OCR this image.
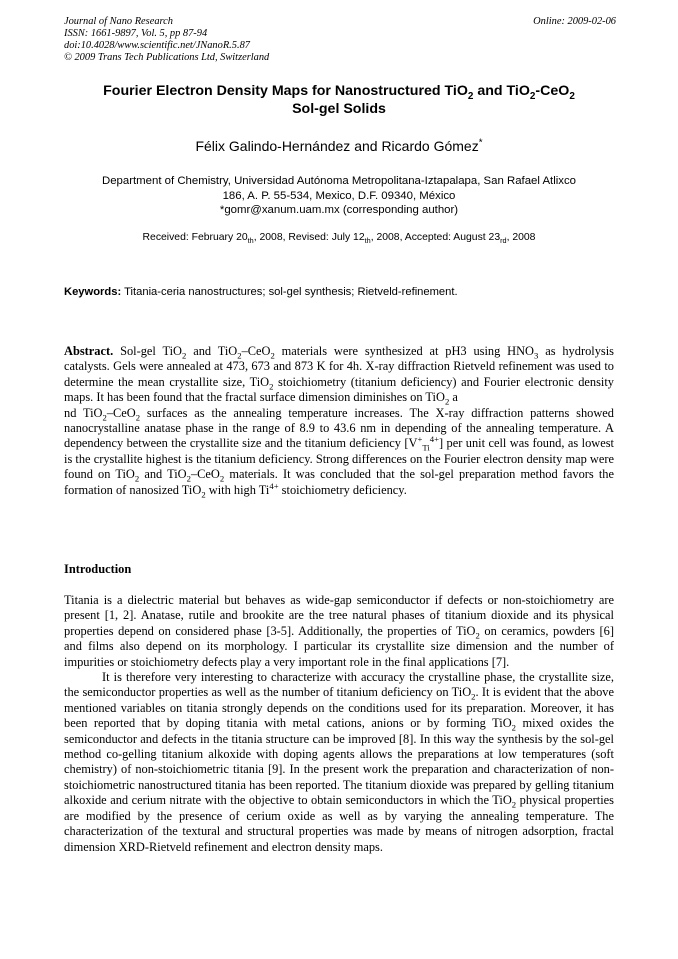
Journal of Nano Research
ISSN: 1661-9897, Vol. 5, pp 87-94
doi:10.4028/www.scientific.net/JNanoR.5.87
© 2009 Trans Tech Publications Ltd, Switzerland
Online: 2009-02-06
Fourier Electron Density Maps for Nanostructured TiO$_2$ and TiO$_2$-CeO$_2$
Sol-gel Solids
Félix Galindo-Hernández and Ricardo Gómez*
Department of Chemistry, Universidad Autónoma Metropolitana-Iztapalapa, San Rafael Atlixco
186, A. P. 55-534, Mexico, D.F. 09340, México
*gomr@xanum.uam.mx (corresponding author)
Received: February $20_{th}$, 2008, Revised: July $12_{th}$, 2008, Accepted: August $23_{rd}$, 2008
Keywords: Titania-ceria nanostructures; sol-gel synthesis; Rietveld-refinement.

Abstract. Sol-gel TiO$_2$ and TiO$_2$–CeO$_2$ materials were synthesized at pH3 using $HNO_3$ as hydrolysis catalysts. Gels were annealed at 473, 673 and 873 K for 4h. X-ray diffraction Rietveld refinement was used to determine the mean crystallite size, TiO$_2$ stoichiometry (titanium deficiency) and Fourier electronic density maps. It has been found that the fractal surface dimension diminishes on TiO$_2$ a

nd TiO$_2$–CeO$_2$ surfaces as the annealing temperature increases. The X-ray diffraction patterns showed nanocrystalline anatase phase in the range of 8.9 to 43.6 nm in depending of the annealing temperature. A dependency between the crystallite size and the titanium deficiency $[V^+_{Ti}^{4+}]$ per unit cell was found, as lowest is the crystallite highest is the titanium deficiency. Strong differences on the Fourier electron density map were found on TiO$_2$ and TiO$_2$–CeO$_2$ materials. It was concluded that the sol-gel preparation method favors the formation of nanosized TiO$_2$ with high $Ti^{4+}$ stoichiometry deficiency.

Introduction

Titania is a dielectric material but behaves as wide-gap semiconductor if defects or non-stoichiometry are present [1, 2]. Anatase, rutile and brookite are the tree natural phases of titanium dioxide and its physical properties depend on considered phase [3-5]. Additionally, the properties of TiO$_2$ on ceramics, powders [6] and films also depend on its morphology. I particular its crystallite size dimension and the number of impurities or stoichiometry defects play a very important role in the final applications [7].

It is therefore very interesting to characterize with accuracy the crystalline phase, the crystallite size, the semiconductor properties as well as the number of titanium deficiency on TiO$_2$. It is evident that the above mentioned variables on titania strongly depends on the conditions used for its preparation. Moreover, it has been reported that by doping titania with metal cations, anions or by forming TiO$_2$ mixed oxides the semiconductor and defects in the titania structure can be improved [8]. In this way the synthesis by the sol-gel method co-gelling titanium alkoxide with doping agents allows the preparations at low temperatures (soft chemistry) of non-stoichiometric titania [9]. In the present work the preparation and characterization of non-stoichiometric nanostructured titania has been reported. The titanium dioxide was prepared by gelling titanium alkoxide and cerium nitrate with the objective to obtain semiconductors in which the TiO$_2$ physical properties are modified by the presence of cerium oxide as well as by varying the annealing temperature. The characterization of the textural and structural properties was made by means of nitrogen adsorption, fractal dimension XRD-Rietveld refinement and electron density maps.
